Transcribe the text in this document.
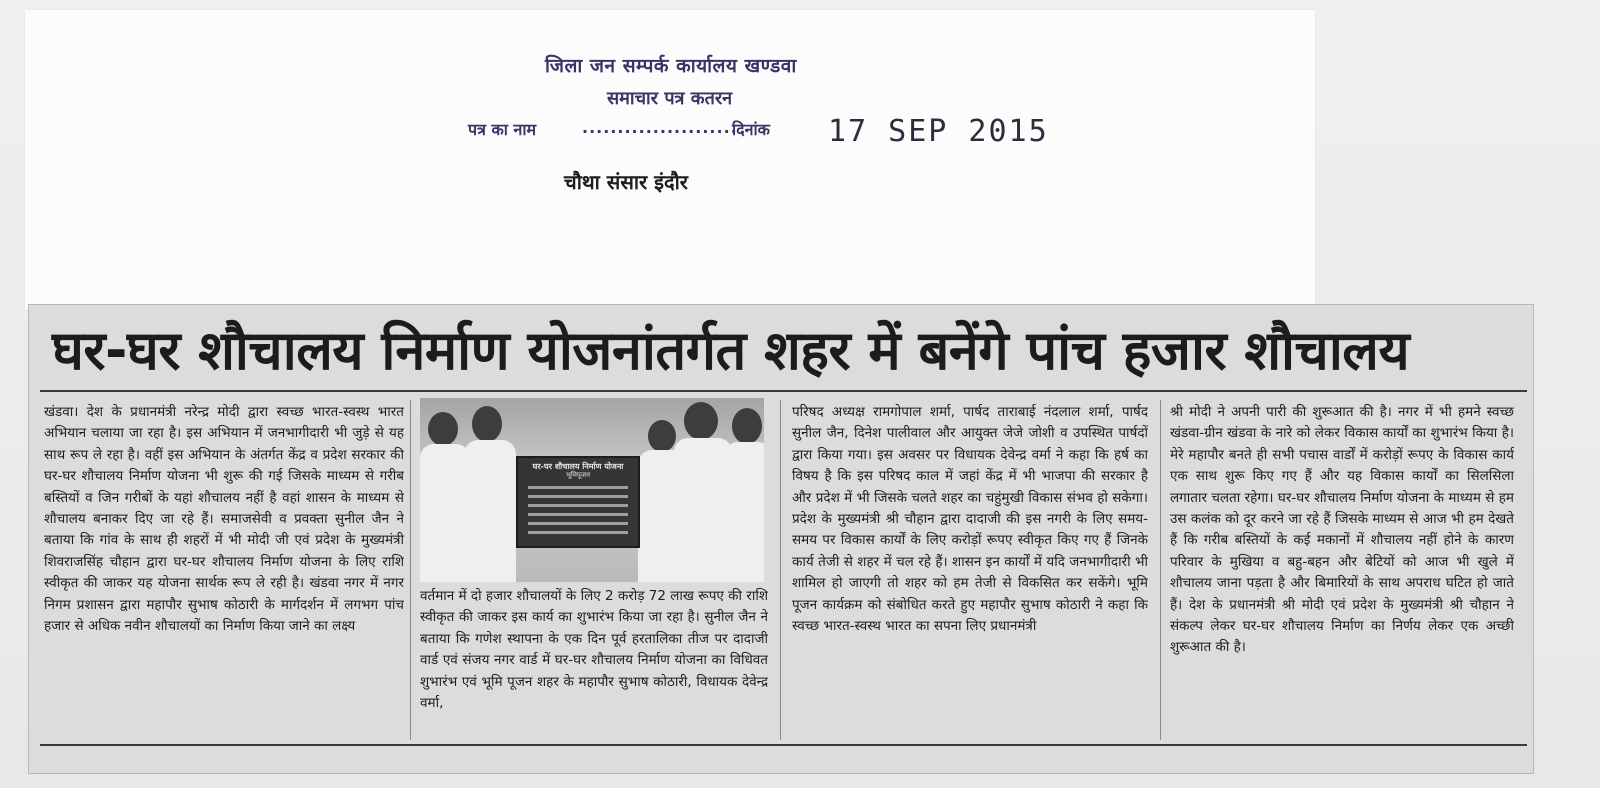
जिला जन सम्पर्क कार्यालय खण्डवा
समाचार पत्र कतरन
पत्र का नाम	......................
दिनांक 17 SEP 2015
चौथा संसार इंदौर
घर-घर शौचालय निर्माण योजनांतर्गत शहर में बनेंगे पांच हजार शौचालय

खंडवा। देश के प्रधानमंत्री नरेन्द्र मोदी द्वारा स्वच्छ भारत-स्वस्थ भारत अभियान चलाया जा रहा है। इस अभियान में जनभागीदारी भी जुड़े से यह साथ रूप ले रहा है। वहीं इस अभियान के अंतर्गत केंद्र व प्रदेश सरकार की घर-घर शौचालय निर्माण योजना भी शुरू की गई जिसके माध्यम से गरीब बस्तियों व जिन गरीबों के यहां शौचालय नहीं है वहां शासन के माध्यम से शौचालय बनाकर दिए जा रहे हैं। समाजसेवी व प्रवक्ता सुनील जैन ने बताया कि गांव के साथ ही शहरों में भी मोदी जी एवं प्रदेश के मुख्यमंत्री शिवराजसिंह चौहान द्वारा घर-घर शौचालय निर्माण योजना के लिए राशि स्वीकृत की जाकर यह योजना सार्थक रूप ले रही है। खंडवा नगर में नगर निगम प्रशासन द्वारा महापौर सुभाष कोठारी के मार्गदर्शन में लगभग पांच हजार से अधिक नवीन शौचालयों का निर्माण किया जाने का लक्ष्य

घर-घर शौचालय निर्माण योजना
भूमिपूजन

वर्तमान में दो हजार शौचालयों के लिए 2 करोड़ 72 लाख रूपए की राशि स्वीकृत की जाकर इस कार्य का शुभारंभ किया जा रहा है। सुनील जैन ने बताया कि गणेश स्थापना के एक दिन पूर्व हरतालिका तीज पर दादाजी वार्ड एवं संजय नगर वार्ड में घर-घर शौचालय निर्माण योजना का विधिवत शुभारंभ एवं भूमि पूजन शहर के महापौर सुभाष कोठारी, विधायक देवेन्द्र वर्मा,

परिषद अध्यक्ष रामगोपाल शर्मा, पार्षद ताराबाई नंदलाल शर्मा, पार्षद सुनील जैन, दिनेश पालीवाल और आयुक्त जेजे जोशी व उपस्थित पार्षदों द्वारा किया गया। इस अवसर पर विधायक देवेन्द्र वर्मा ने कहा कि हर्ष का विषय है कि इस परिषद काल में जहां केंद्र में भी भाजपा की सरकार है और प्रदेश में भी जिसके चलते शहर का चहुंमुखी विकास संभव हो सकेगा। प्रदेश के मुख्यमंत्री श्री चौहान द्वारा दादाजी की इस नगरी के लिए समय-समय पर विकास कार्यों के लिए करोड़ों रूपए स्वीकृत किए गए हैं जिनके कार्य तेजी से शहर में चल रहे हैं। शासन इन कार्यों में यदि जनभागीदारी भी शामिल हो जाएगी तो शहर को हम तेजी से विकसित कर सकेंगे। भूमि पूजन कार्यक्रम को संबोधित करते हुए महापौर सुभाष कोठारी ने कहा कि स्वच्छ भारत-स्वस्थ भारत का सपना लिए प्रधानमंत्री

श्री मोदी ने अपनी पारी की शुरूआत की है। नगर में भी हमने स्वच्छ खंडवा-ग्रीन खंडवा के नारे को लेकर विकास कार्यों का शुभारंभ किया है। मेरे महापौर बनते ही सभी पचास वार्डों में करोड़ों रूपए के विकास कार्य एक साथ शुरू किए गए हैं और यह विकास कार्यों का सिलसिला लगातार चलता रहेगा। घर-घर शौचालय निर्माण योजना के माध्यम से हम उस कलंक को दूर करने जा रहे हैं जिसके माध्यम से आज भी हम देखते हैं कि गरीब बस्तियों के कई मकानों में शौचालय नहीं होने के कारण परिवार के मुखिया व बहु-बहन और बेटियों को आज भी खुले में शौचालय जाना पड़ता है और बिमारियों के साथ अपराध घटित हो जाते हैं। देश के प्रधानमंत्री श्री मोदी एवं प्रदेश के मुख्यमंत्री श्री चौहान ने संकल्प लेकर घर-घर शौचालय निर्माण का निर्णय लेकर एक अच्छी शुरूआत की है।
